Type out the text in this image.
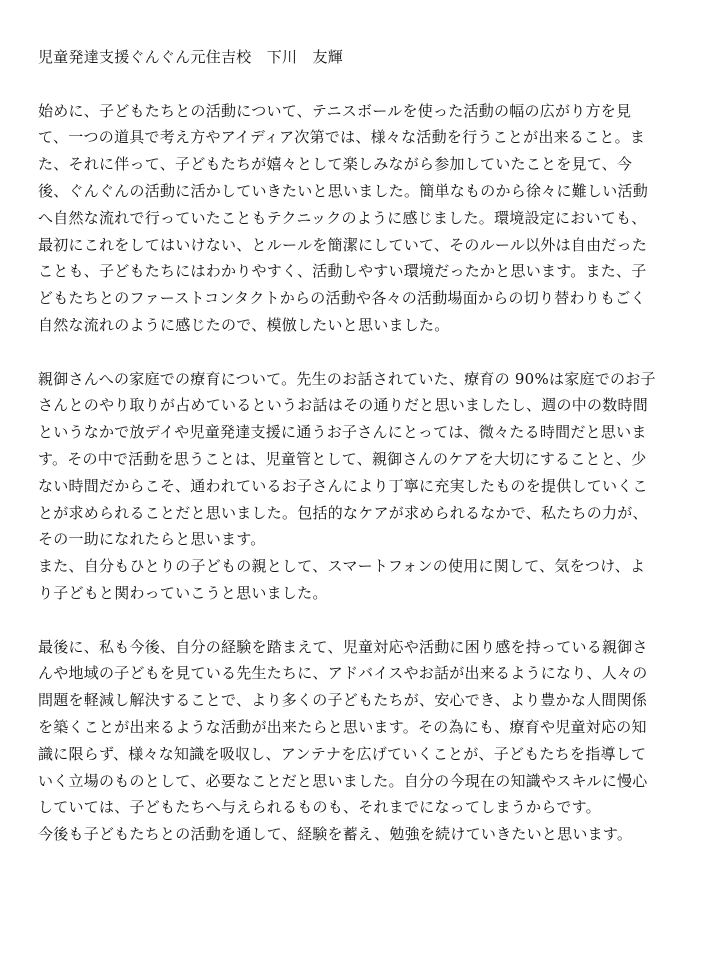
児童発達支援ぐんぐん元住吉校　下川　友輝
始めに、子どもたちとの活動について、テニスボールを使った活動の幅の広がり方を見
て、一つの道具で考え方やアイディア次第では、様々な活動を行うことが出来ること。ま
た、それに伴って、子どもたちが嬉々として楽しみながら参加していたことを見て、今
後、ぐんぐんの活動に活かしていきたいと思いました。簡単なものから徐々に難しい活動
へ自然な流れで行っていたこともテクニックのように感じました。環境設定においても、
最初にこれをしてはいけない、とルールを簡潔にしていて、そのルール以外は自由だった
ことも、子どもたちにはわかりやすく、活動しやすい環境だったかと思います。また、子
どもたちとのファーストコンタクトからの活動や各々の活動場面からの切り替わりもごく
自然な流れのように感じたので、模倣したいと思いました。
親御さんへの家庭での療育について。先生のお話されていた、療育の 90%は家庭でのお子
さんとのやり取りが占めているというお話はその通りだと思いましたし、週の中の数時間
というなかで放デイや児童発達支援に通うお子さんにとっては、微々たる時間だと思いま
す。その中で活動を思うことは、児童管として、親御さんのケアを大切にすることと、少
ない時間だからこそ、通われているお子さんにより丁寧に充実したものを提供していくこ
とが求められることだと思いました。包括的なケアが求められるなかで、私たちの力が、
その一助になれたらと思います。
また、自分もひとりの子どもの親として、スマートフォンの使用に関して、気をつけ、よ
り子どもと関わっていこうと思いました。
最後に、私も今後、自分の経験を踏まえて、児童対応や活動に困り感を持っている親御さ
んや地域の子どもを見ている先生たちに、アドバイスやお話が出来るようになり、人々の
問題を軽減し解決することで、より多くの子どもたちが、安心でき、より豊かな人間関係
を築くことが出来るような活動が出来たらと思います。その為にも、療育や児童対応の知
識に限らず、様々な知識を吸収し、アンテナを広げていくことが、子どもたちを指導して
いく立場のものとして、必要なことだと思いました。自分の今現在の知識やスキルに慢心
していては、子どもたちへ与えられるものも、それまでになってしまうからです。
今後も子どもたちとの活動を通して、経験を蓄え、勉強を続けていきたいと思います。
